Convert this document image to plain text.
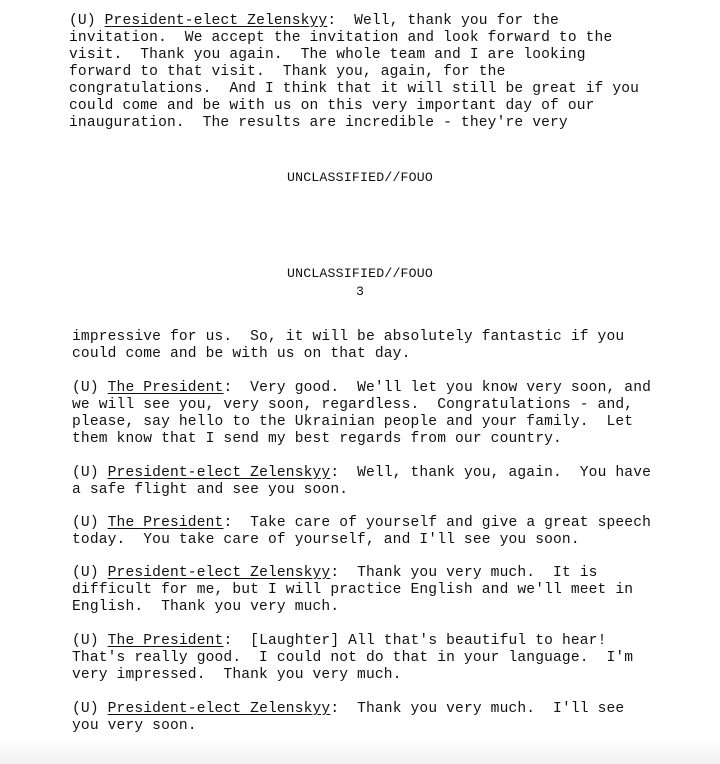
(U) President-elect Zelenskyy:  Well, thank you for the
invitation.  We accept the invitation and look forward to the
visit.  Thank you again.  The whole team and I are looking
forward to that visit.  Thank you, again, for the
congratulations.  And I think that it will still be great if you
could come and be with us on this very important day of our
inauguration.  The results are incredible - they're very
UNCLASSIFIED//FOUO
UNCLASSIFIED//FOUO
3
impressive for us.  So, it will be absolutely fantastic if you
could come and be with us on that day.
(U) The President:  Very good.  We'll let you know very soon, and
we will see you, very soon, regardless.  Congratulations - and,
please, say hello to the Ukrainian people and your family.  Let
them know that I send my best regards from our country.
(U) President-elect Zelenskyy:  Well, thank you, again.  You have
a safe flight and see you soon.
(U) The President:  Take care of yourself and give a great speech
today.  You take care of yourself, and I'll see you soon.
(U) President-elect Zelenskyy:  Thank you very much.  It is
difficult for me, but I will practice English and we'll meet in
English.  Thank you very much.
(U) The President:  [Laughter] All that's beautiful to hear!
That's really good.  I could not do that in your language.  I'm
very impressed.  Thank you very much.
(U) President-elect Zelenskyy:  Thank you very much.  I'll see
you very soon.
